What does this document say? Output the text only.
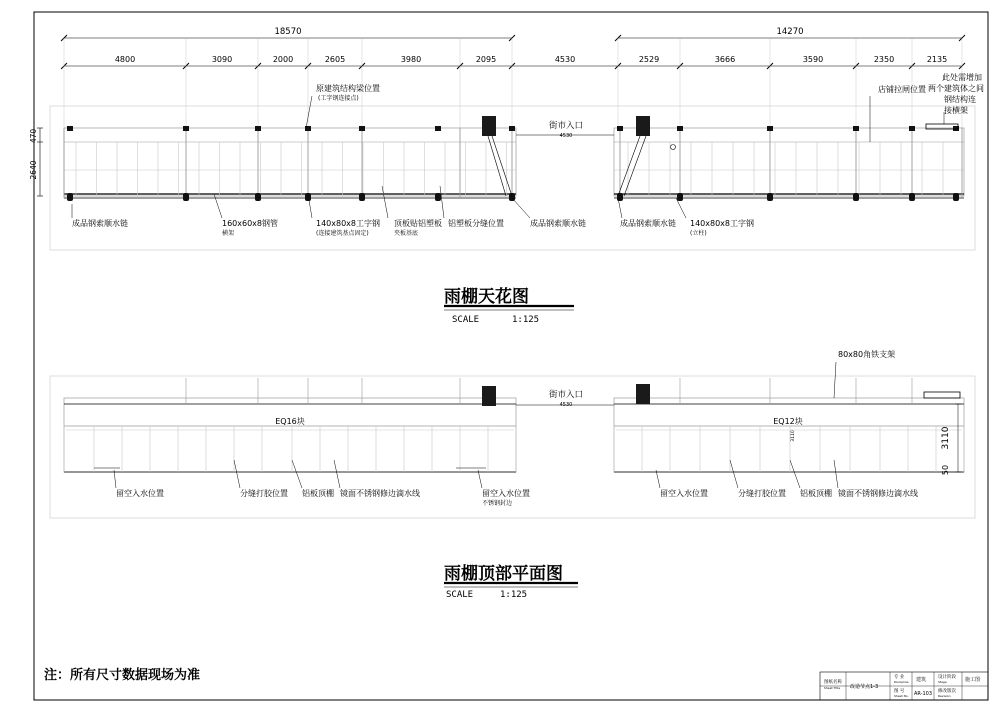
18570	14270
4800	3090	2000	2605	3980	2095	4530	2529	3666	3590	2350	2135
470
2640
街市入口
4530
原建筑结构梁位置
(工字钢连接点)
店铺拉闸位置
此处需增加
两个建筑体之间
钢结构连
接横架
成品钢索顺水链	160x60x8钢管
横架
140x80x8工字钢
(连接建筑基点固定)
顶板贴铝塑板
夹板基底
铝塑板分缝位置	成品钢索顺水链	成品钢索顺水链 140x80x8工字钢
(立柱)
雨棚天花图
SCALE	1:125
街市入口
4530
80x80角铁支架
EQ16块	EQ12块
3110
50
3110
留空入水位置	分缝打胶位置 铝板顶棚 镜面不锈钢修边滴水线	留空入水位置
不锈钢封边
留空入水位置	分缝打胶位置 铝板顶棚 镜面不锈钢修边滴水线
雨棚顶部平面图
SCALE	1:125
注：所有尺寸数据现场为准	图纸名称
Sheet Title 改造节点1-3
专 业
Discipline 建筑	设计阶段
Stage	施工图
图 号
Sheet No. AR-103 修改版次
Revision
